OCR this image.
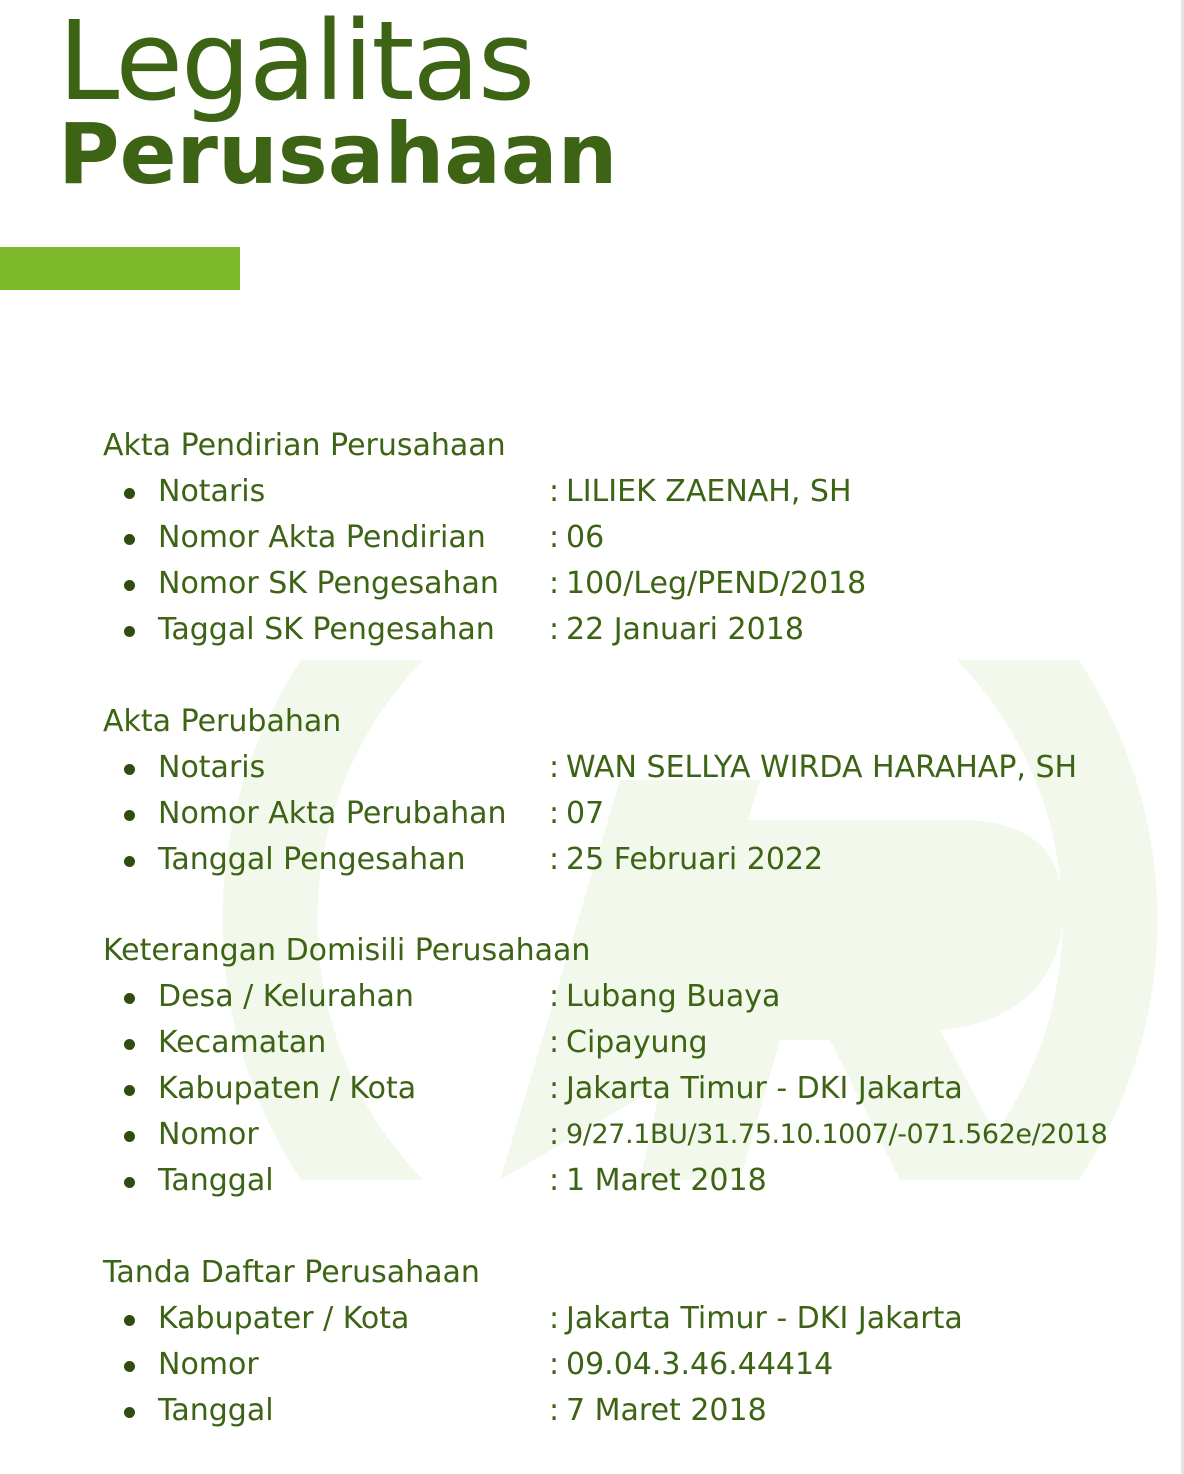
Legalitas
Perusahaan
Akta Pendirian Perusahaan
Notaris	: LILIEK ZAENAH, SH
Nomor Akta Pendirian : 06
Nomor SK Pengesahan : 100/Leg/PEND/2018
Taggal SK Pengesahan : 22 Januari 2018
Akta Perubahan
Notaris	: WAN SELLYA WIRDA HARAHAP, SH
Nomor Akta Perubahan : 07
Tanggal Pengesahan	: 25 Februari 2022
Keterangan Domisili Perusahaan
Desa / Kelurahan	: Lubang Buaya
Kecamatan	: Cipayung
Kabupaten / Kota	: Jakarta Timur - DKI Jakarta
Nomor	: 9/27.1BU/31.75.10.1007/-071.562e/2018
Tanggal	: 1 Maret 2018
Tanda Daftar Perusahaan
Kabupater / Kota	: Jakarta Timur - DKI Jakarta
Nomor	: 09.04.3.46.44414
Tanggal	: 7 Maret 2018
